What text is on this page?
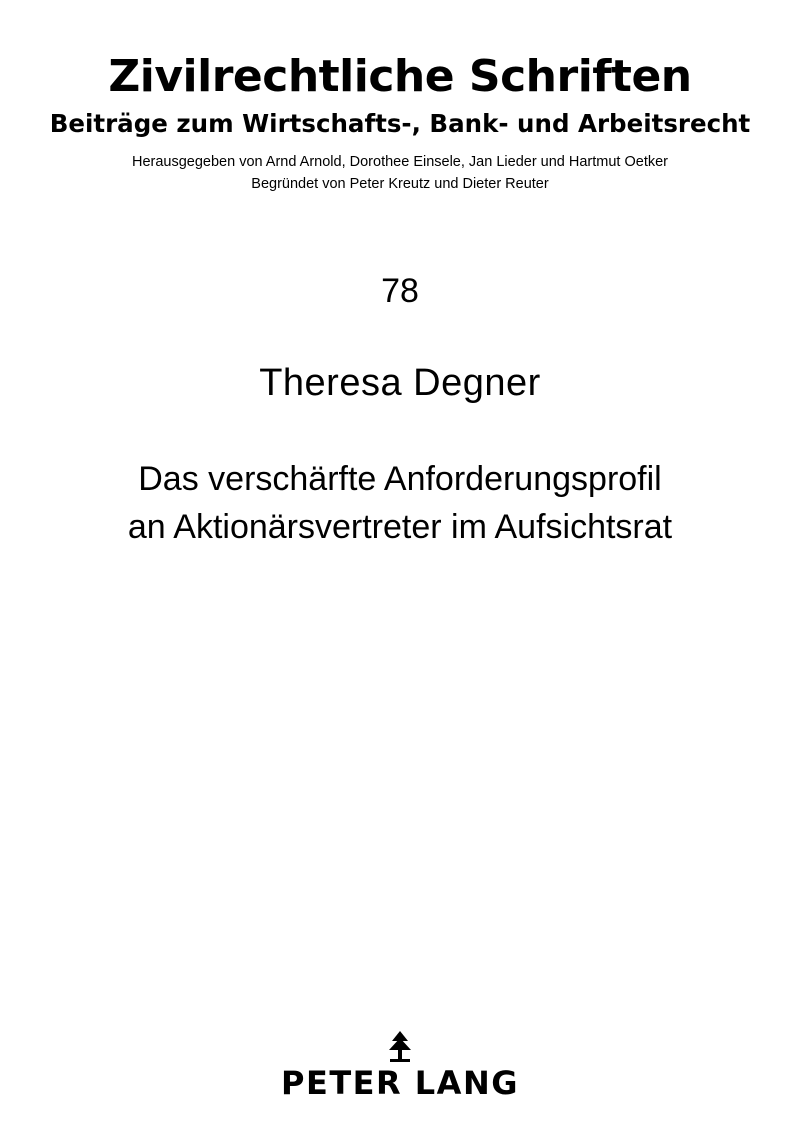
Zivilrechtliche Schriften
Beiträge zum Wirtschafts-, Bank- und Arbeitsrecht
Herausgegeben von Arnd Arnold, Dorothee Einsele, Jan Lieder und Hartmut Oetker
Begründet von Peter Kreutz und Dieter Reuter
78
Theresa Degner
Das verschärfte Anforderungsprofil
an Aktionärsvertreter im Aufsichtsrat
PETER LANG
